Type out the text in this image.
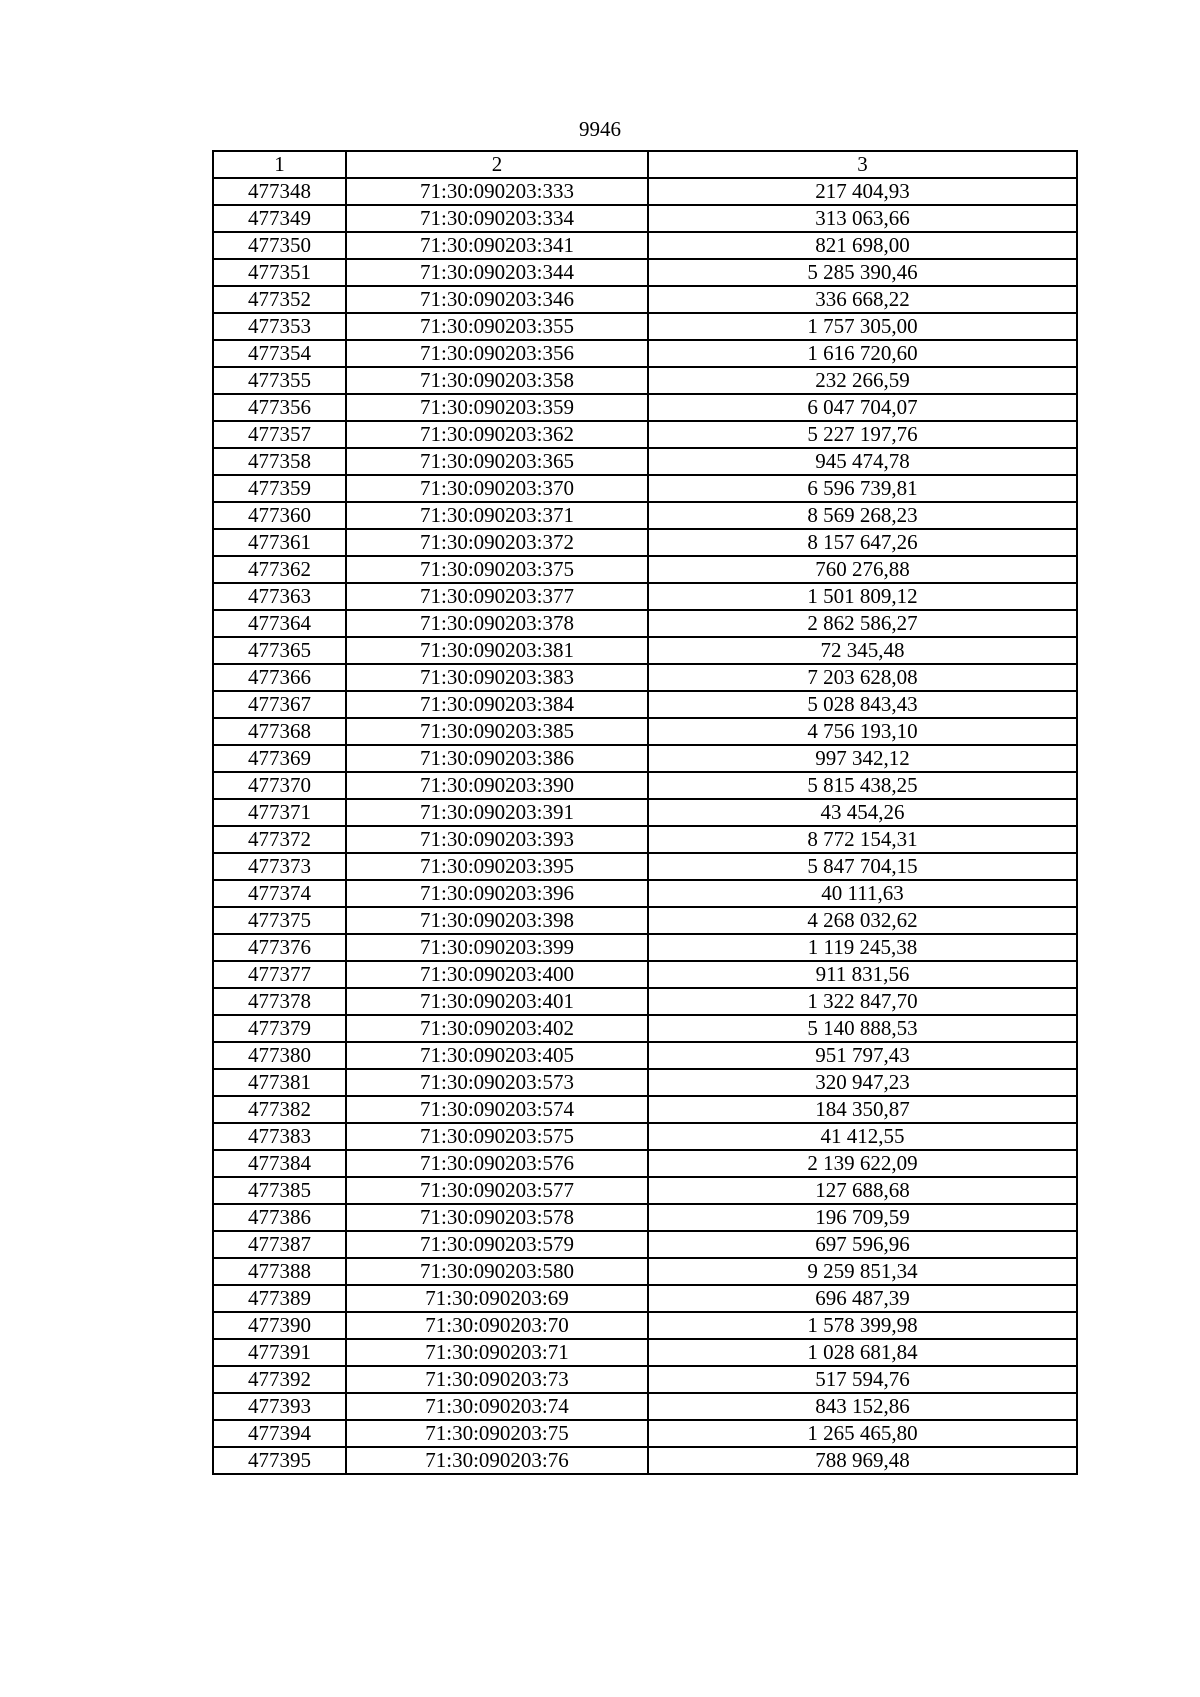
9946
1	2	3
477348	71:30:090203:333	217 404,93
477349	71:30:090203:334	313 063,66
477350	71:30:090203:341	821 698,00
477351	71:30:090203:344	5 285 390,46
477352	71:30:090203:346	336 668,22
477353	71:30:090203:355	1 757 305,00
477354	71:30:090203:356	1 616 720,60
477355	71:30:090203:358	232 266,59
477356	71:30:090203:359	6 047 704,07
477357	71:30:090203:362	5 227 197,76
477358	71:30:090203:365	945 474,78
477359	71:30:090203:370	6 596 739,81
477360	71:30:090203:371	8 569 268,23
477361	71:30:090203:372	8 157 647,26
477362	71:30:090203:375	760 276,88
477363	71:30:090203:377	1 501 809,12
477364	71:30:090203:378	2 862 586,27
477365	71:30:090203:381	72 345,48
477366	71:30:090203:383	7 203 628,08
477367	71:30:090203:384	5 028 843,43
477368	71:30:090203:385	4 756 193,10
477369	71:30:090203:386	997 342,12
477370	71:30:090203:390	5 815 438,25
477371	71:30:090203:391	43 454,26
477372	71:30:090203:393	8 772 154,31
477373	71:30:090203:395	5 847 704,15
477374	71:30:090203:396	40 111,63
477375	71:30:090203:398	4 268 032,62
477376	71:30:090203:399	1 119 245,38
477377	71:30:090203:400	911 831,56
477378	71:30:090203:401	1 322 847,70
477379	71:30:090203:402	5 140 888,53
477380	71:30:090203:405	951 797,43
477381	71:30:090203:573	320 947,23
477382	71:30:090203:574	184 350,87
477383	71:30:090203:575	41 412,55
477384	71:30:090203:576	2 139 622,09
477385	71:30:090203:577	127 688,68
477386	71:30:090203:578	196 709,59
477387	71:30:090203:579	697 596,96
477388	71:30:090203:580	9 259 851,34
477389	71:30:090203:69	696 487,39
477390	71:30:090203:70	1 578 399,98
477391	71:30:090203:71	1 028 681,84
477392	71:30:090203:73	517 594,76
477393	71:30:090203:74	843 152,86
477394	71:30:090203:75	1 265 465,80
477395	71:30:090203:76	788 969,48
